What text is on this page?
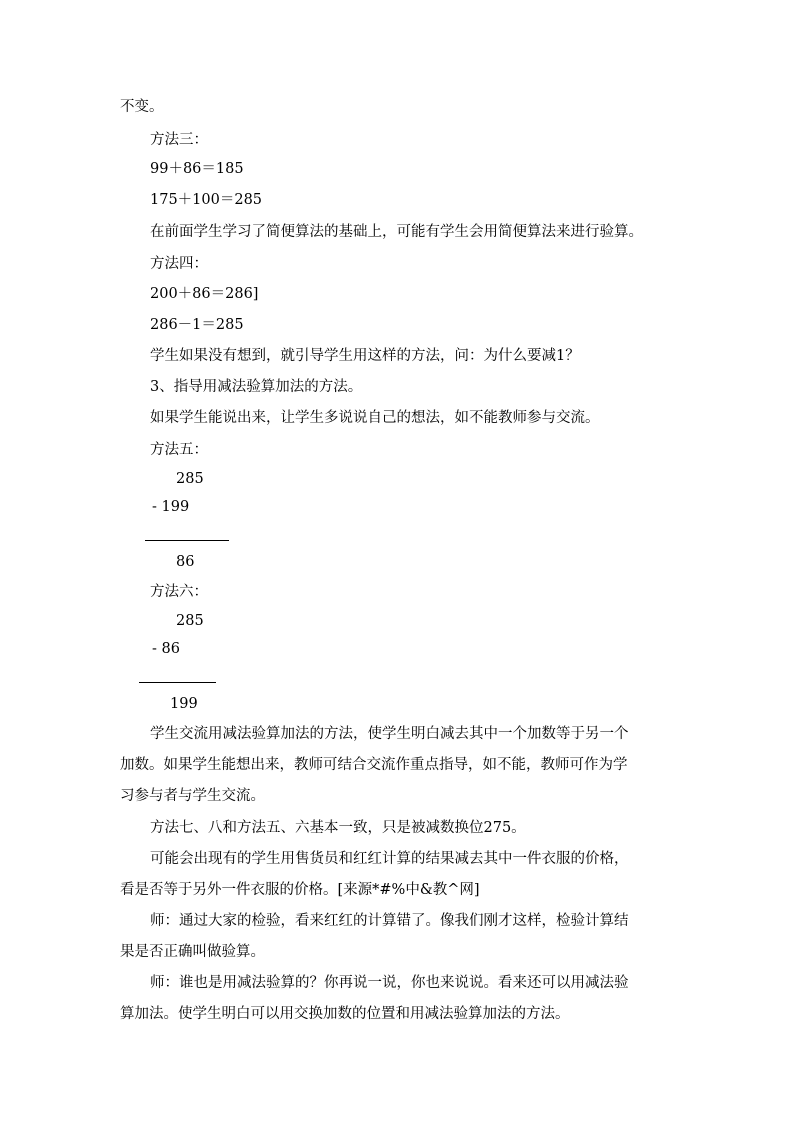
不变。
方法三：
99＋86＝185
175＋100＝285
在前面学生学习了简便算法的基础上，可能有学生会用简便算法来进行验算。
方法四：
200＋86＝286]
286－1＝285
学生如果没有想到，就引导学生用这样的方法，问：为什么要减1？
3、指导用减法验算加法的方法。
如果学生能说出来，让学生多说说自己的想法，如不能教师参与交流。
方法五：
285
- 199
86
方法六：
285
- 86
199
学生交流用减法验算加法的方法，使学生明白减去其中一个加数等于另一个
加数。如果学生能想出来，教师可结合交流作重点指导，如不能，教师可作为学
习参与者与学生交流。
方法七、八和方法五、六基本一致，只是被减数换位275。
可能会出现有的学生用售货员和红红计算的结果减去其中一件衣服的价格，
看是否等于另外一件衣服的价格。[来源*#%中&教^网]
师：通过大家的检验，看来红红的计算错了。像我们刚才这样，检验计算结
果是否正确叫做验算。
师：谁也是用减法验算的？你再说一说，你也来说说。看来还可以用减法验
算加法。使学生明白可以用交换加数的位置和用减法验算加法的方法。
